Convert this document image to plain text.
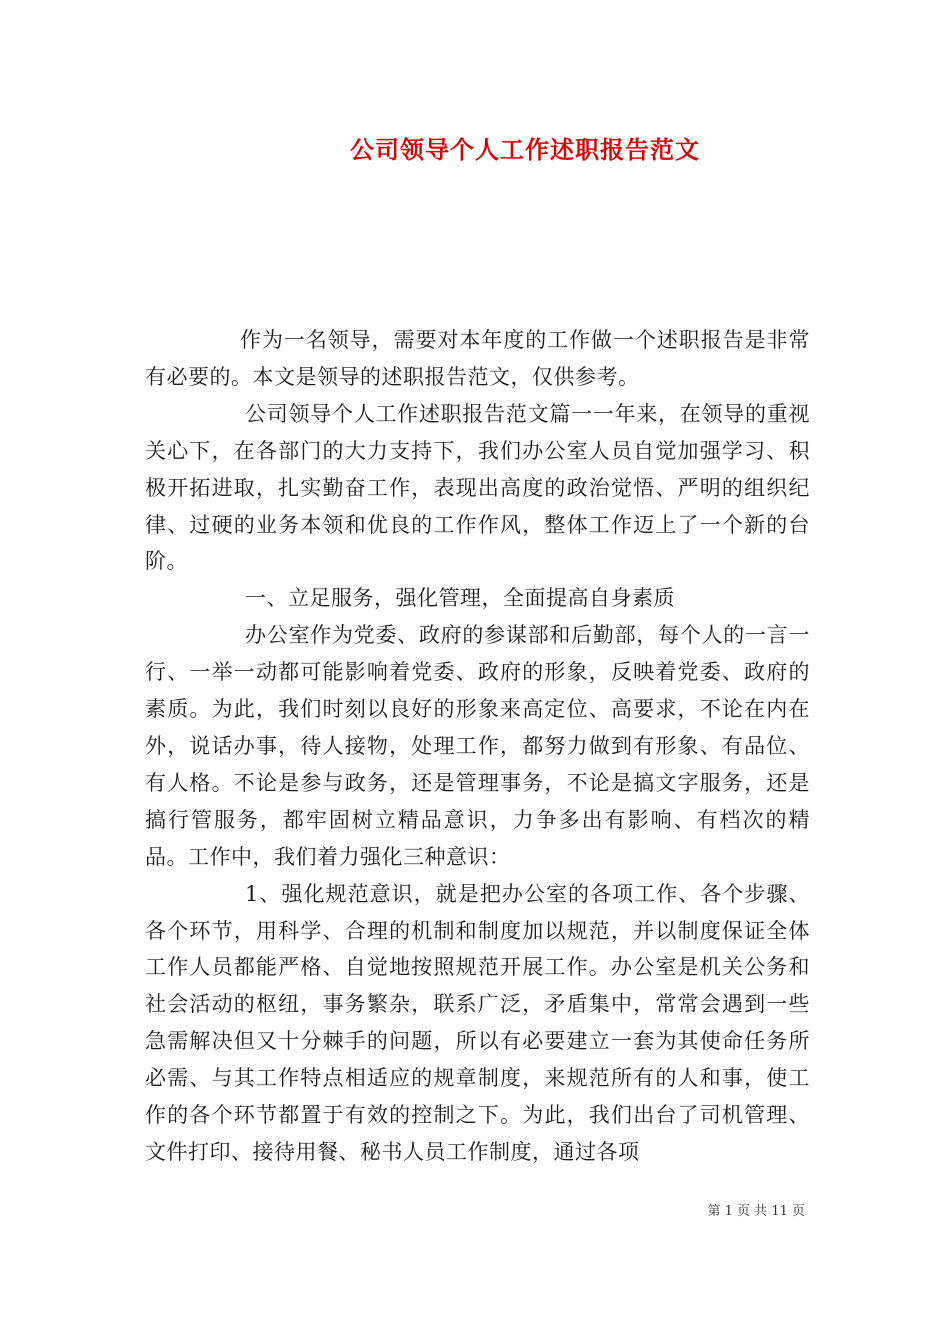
公司领导个人工作述职报告范文

作为一名领导，需要对本年度的工作做一个述职报告是非常有必要的。本文是领导的述职报告范文，仅供参考。

公司领导个人工作述职报告范文篇一一年来，在领导的重视关心下，在各部门的大力支持下，我们办公室人员自觉加强学习、积极开拓进取，扎实勤奋工作，表现出高度的政治觉悟、严明的组织纪律、过硬的业务本领和优良的工作作风，整体工作迈上了一个新的台阶。

一、立足服务，强化管理，全面提高自身素质

办公室作为党委、政府的参谋部和后勤部，每个人的一言一行、一举一动都可能影响着党委、政府的形象，反映着党委、政府的素质。为此，我们时刻以良好的形象来高定位、高要求，不论在内在外，说话办事，待人接物，处理工作，都努力做到有形象、有品位、有人格。不论是参与政务，还是管理事务，不论是搞文字服务，还是搞行管服务，都牢固树立精品意识，力争多出有影响、有档次的精品。工作中，我们着力强化三种意识：

1、强化规范意识，就是把办公室的各项工作、各个步骤、各个环节，用科学、合理的机制和制度加以规范，并以制度保证全体工作人员都能严格、自觉地按照规范开展工作。办公室是机关公务和社会活动的枢纽，事务繁杂，联系广泛，矛盾集中，常常会遇到一些急需解决但又十分棘手的问题，所以有必要建立一套为其使命任务所必需、与其工作特点相适应的规章制度，来规范所有的人和事，使工作的各个环节都置于有效的控制之下。为此，我们出台了司机管理、文件打印、接待用餐、秘书人员工作制度，通过各项

第 1 页 共 11 页
